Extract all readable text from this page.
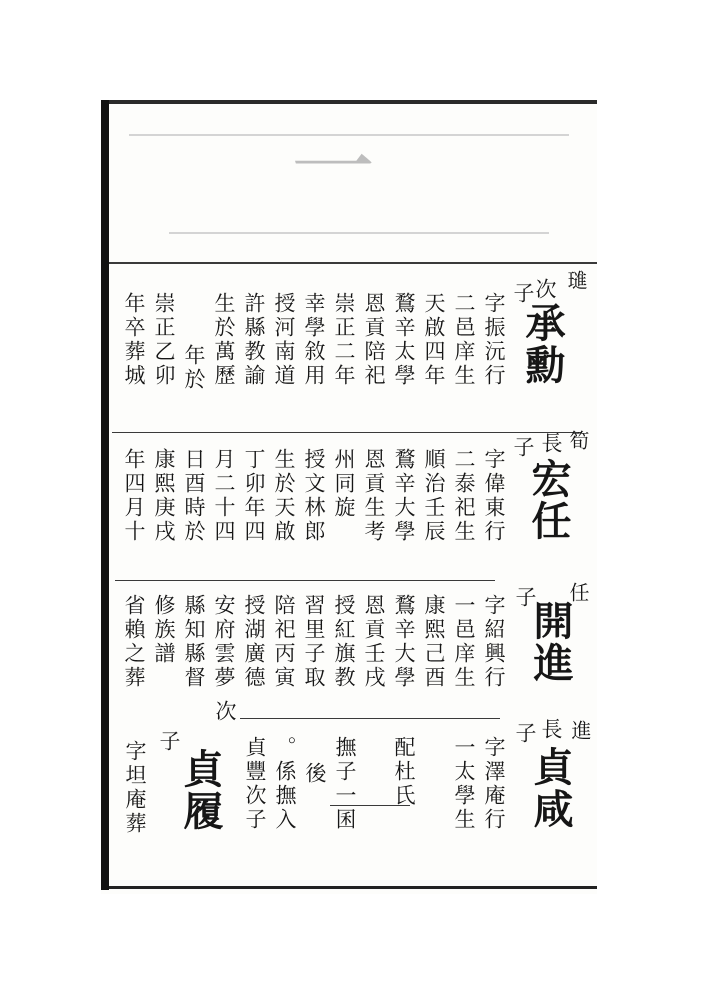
一
璡
筍
任
進
次
子
承勳
字振沅行
二邑庠生
天啟四年
鶩辛太學
恩貢陪祀
崇正二年
幸學敘用
授河南道
許縣教諭
生於萬歷
年於
崇正乙卯
年卒葬城
長
子
宏任
字偉東行
二泰祀生
順治壬辰
鶩辛大學
恩貢生考
州同旋
授文林郎
生於天啟
丁卯年四
月二十四
日酉時於
康熙庚戌
年四月十
子
開進
字紹興行
一邑庠生
康熙己酉
鶩辛大學
恩貢壬戌
授紅旗教
習里子取
陪祀丙寅
授湖廣德
安府雲夢
縣知縣督
修族譜
省賴之葬
長
子
貞咸
字澤庵行
一太學生
配杜氏
撫子一囷
後
。係撫入
貞豐次子
次
子
貞履
字坦庵葬
